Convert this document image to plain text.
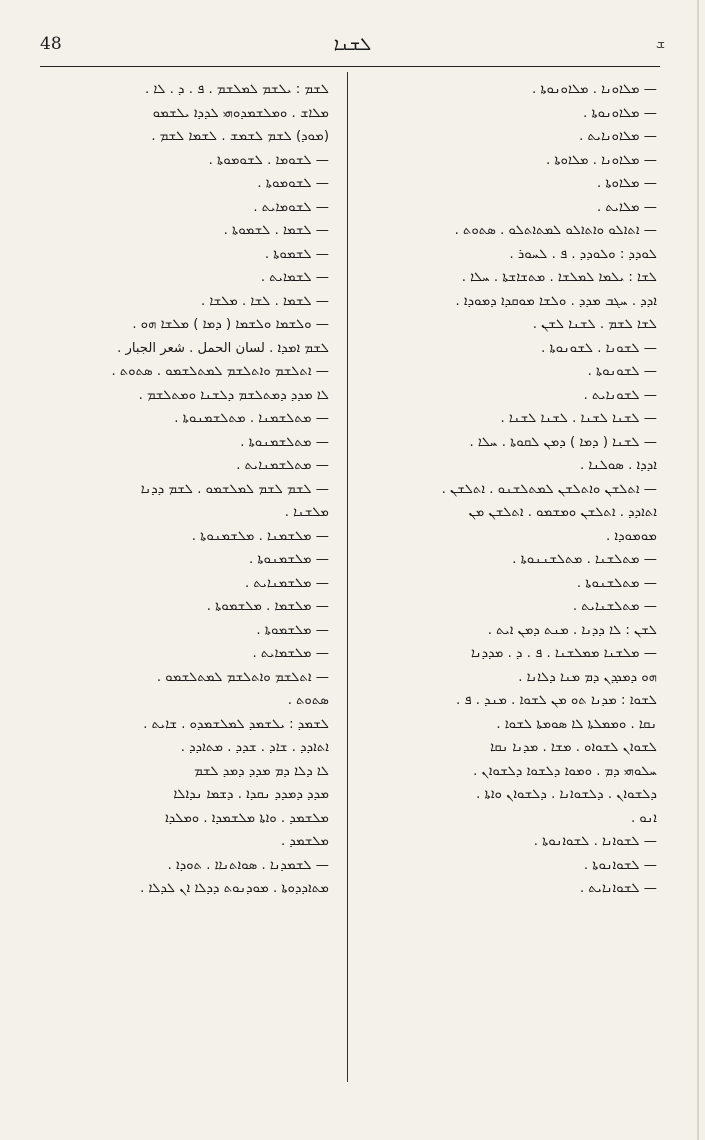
48	ܠܫܢܐ	ܫ
— ܡܠܐܘܢܐ . ܡܠܐܘܢܘܬܐ .
— ܡܠܐܘܢܘܬܐ .
— ܡܠܐܘܢܐܝܬ .
— ܡܠܐܘܢܐ . ܡܠܐܘܬܐ .
— ܡܠܐܘܬܐ .
— ܡܠܐܝܬ .
— ܐܬܐܠܘ ܘܐܬܐܠܘ ܠܡܬܐܬܠܘ . ܣܬܘܬ .
ܠܘܕܕ : ܘܠܘܕܕ . ܦ . ܠܚܘܪ .
ܠܫܐ : ܝܠܡܐ ܠܡܠܫܐ . ܡܬܫܐܫܬܐ . ܚܠܐ .
ܐܕܕ . ܚܓܒ ܡܕܕ . ܘܠܫܐ ܡܘܩܕܐ ܕܡܘܕܐ .
ܠܫܐ ܠܫܡ . ܠܫܢܐ ܠܫܢ .
— ܠܫܘܢܐ . ܠܫܘܢܘܬܐ .
— ܠܫܘܢܘܬܐ .
— ܠܫܘܢܐܝܬ .
— ܠܫܢܐ ܠܫܢܐ . ܠܫܢܐ ܠܫܢܐ .
— ܠܫܢܐ ( ܕܡܐ ) ܕܡܢ ܠܩܘܬܐ . ܚܠܐ .
ܐܕܕܐ . ܣܘܠܢܐ .
— ܐܬܠܫܢ ܘܐܬܠܫܢ ܠܡܬܠܫܢܘ . ܐܬܠܫܢ .
ܐܬܐܕܕ . ܐܬܠܫܢ ܘܡܫܡܘ . ܐܬܠܫܢ ܡܢ
ܡܘܡܘܕܐ .
— ܡܬܠܫܢܐ . ܡܬܠܫܢܢܘܬܐ .
— ܡܬܠܫܢܘܬܐ .
— ܡܬܠܫܢܐܝܬ .
ܠܫܢ : ܠܐ ܕܕܢܐ . ܡܢܬ ܕܡܢ ܐܝܬ .
— ܡܠܫܢܐ ܡܡܠܫܢܐ . ܦ . ܕ . ܡܕܕܢܐ
ܗܘ ܕܡܕܕܢ ܕܡ ܡܢܐ ܕܠܐܢܐ .
ܠܫܘܐ : ܡܕܢܐ ܬܘ ܡܢ ܠܫܘܐ . ܡܢܕ . ܦ .
ܢܩܐ . ܘܡܡܠܬܐ ܠܐ ܣܘܡܬܐ ܠܫܘܐ .
ܠܫܘܐܢ ܠܫܘܐܘ . ܡܫܐ . ܡܕܢܐ ܢܩܐ
ܚܠܘܗܝ ܕܡ . ܘܡܘܐ ܕܠܫܘܐ ܕܠܫܘܐܢ .
ܕܠܫܘܐܢ . ܕܠܫܘܐܢܐ . ܕܠܫܘܐܢ ܘܐܬܐ .
ܐܢܘ .
— ܠܫܘܐܢܐ . ܠܫܘܐܢܘܬܐ .
— ܠܫܘܐܢܘܬܐ .
— ܠܫܘܐܢܐܝܬ .
ܠܫܡ : ܝܠܫܡ ܠܡܠܫܡ . ܦ . ܕ . ܠܐ .
ܡܠܐܫ . ܘܡܠܫܡܕܘܗܝ ܠܕܕܐ ܝܠܫܡܘ
(ܡܘܕ) ܠܫܡ ܠܫܡܫ . ܠܫܡܐ ܠܫܡ .
— ܠܫܘܡܐ . ܠܫܘܡܘܬܐ .
— ܠܫܘܡܘܬܐ .
— ܠܫܘܡܐܝܬ .
— ܠܫܡܐ . ܠܫܡܘܬܐ .
— ܠܫܡܘܬܐ .
— ܠܫܡܐܝܬ .
— ܠܫܡܐ . ܠܫܐ . ܡܠܫܐ .
— ܘܠܫܡܐ ܘܠܫܡܐ ( ܕܡܐ ) ܡܠܫܐ ܗܘ .
ܠܫܡ ܐܡܕܐ . لسان الحمل . شعر الجبار .
— ܐܬܠܫܡ ܘܐܬܠܫܡ ܠܡܬܠܫܡܘ . ܣܬܘܬ .
ܠܐ ܡܕܕ ܕܡܬܠܫܡ ܕܠܫܢܐ ܘܡܬܠܫܡ .
— ܡܬܠܫܡܢܐ . ܡܬܠܫܡܢܘܬܐ .
— ܡܬܠܫܡܢܘܬܐ .
— ܡܬܠܫܡܢܐܝܬ .
— ܠܫܡ ܠܫܡ ܠܡܠܫܡܘ . ܠܫܡ ܕܕܢܐ
ܡܠܫܢܐ .
— ܡܠܫܡܢܐ . ܡܠܫܡܢܘܬܐ .
— ܡܠܫܡܢܘܬܐ .
— ܡܠܫܡܢܐܝܬ .
— ܡܠܫܡܐ . ܡܠܫܡܘܬܐ .
— ܡܠܫܡܘܬܐ .
— ܡܠܫܡܐܝܬ .
— ܐܬܠܫܡ ܘܐܬܠܫܡ ܠܡܬܠܫܡܘ .
ܣܬܘܬ .
ܠܫܡܕ : ܝܠܫܡܕ ܠܡܠܫܡܕܘ . ܫܐܝܬ .
ܐܬܐܕܕ . ܫܐܕ . ܫܕܕ . ܡܬܐܕܕ .
ܠܐ ܕܠܐ ܕܡ ܡܕܕ ܕܡܕ ܠܫܡ
ܡܕܕ ܕܡܕܕ ܢܩܕܐ . ܕܫܡܐ ܢܕܐܠܐ
ܡܠܫܡܕ . ܘܐܬܐ ܡܠܫܡܕܐ . ܘܡܠܕܐ
ܡܠܫܡܕ .
— ܠܫܡܕܢܐ . ܣܘܐܬܢܐܐ . ܬܘܕܐ .
ܡܬܐܕܕܘܬܐ . ܡܘܕܢܘܬ ܕܕܠܐ ܐܢ ܠܕܠܐ .
